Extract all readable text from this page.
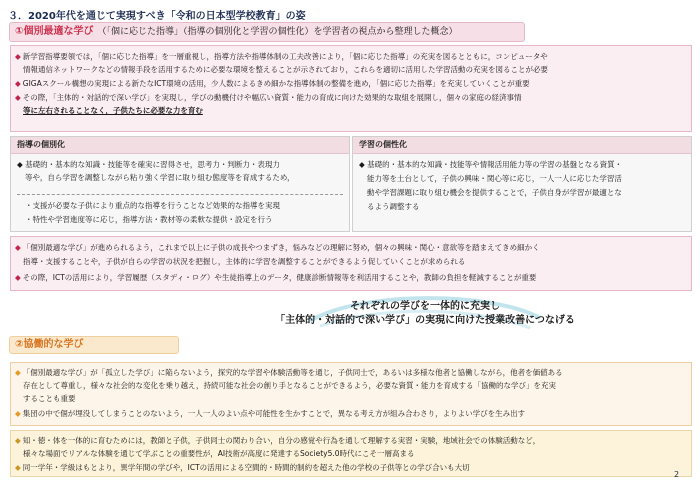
３．2020年代を通じて実現すべき「令和の日本型学校教育」の姿
①個別最適な学び （「個に応じた指導」（指導の個別化と学習の個性化）を学習者の視点から整理した概念）
◆ 新学習指導要領では，「個に応じた指導」を一層重視し，指導方法や指導体制の工夫改善により，「個に応じた指導」の充実を図るとともに，コンピュータや
情報通信ネットワークなどの情報手段を活用するために必要な環境を整えることが示されており，これらを適切に活用した学習活動の充実を図ることが必要
◆ GIGAスクール構想の実現による新たなICT環境の活用，少人数によるきめ細かな指導体制の整備を進め，「個に応じた指導」を充実していくことが重要
◆ その際，「主体的・対話的で深い学び」を実現し，学びの動機付けや幅広い資質・能力の育成に向けた効果的な取組を展開し，個々の家庭の経済事情
等に左右されることなく，子供たちに必要な力を育む
指導の個別化
◆ 基礎的・基本的な知識・技能等を確実に習得させ，思考力・判断力・表現力
等や，自ら学習を調整しながら粘り強く学習に取り組む態度等を育成するため，
・支援が必要な子供により重点的な指導を行うことなど効果的な指導を実現
・特性や学習進度等に応じ，指導方法・教材等の柔軟な提供・設定を行う
学習の個性化
◆ 基礎的・基本的な知識・技能等や情報活用能力等の学習の基盤となる資質・
能力等を土台として，子供の興味・関心等に応じ，一人一人に応じた学習活
動や学習課題に取り組む機会を提供することで，子供自身が学習が最適とな
るよう調整する
◆ 「個別最適な学び」が進められるよう，これまで以上に子供の成長やつまずき，悩みなどの理解に努め，個々の興味・関心・意欲等を踏まえてきめ細かく
指導・支援することや，子供が自らの学習の状況を把握し，主体的に学習を調整することができるよう促していくことが求められる
◆ その際，ICTの活用により，学習履歴（スタディ・ログ）や生徒指導上のデータ，健康診断情報等を利活用することや，教師の負担を軽減することが重要
それぞれの学びを一体的に充実し
「主体的・対話的で深い学び」の実現に向けた授業改善につなげる
②協働的な学び
◆ 「個別最適な学び」が「孤立した学び」に陥らないよう，探究的な学習や体験活動等を通じ，子供同士で，あるいは多様な他者と協働しながら，他者を価値ある
存在として尊重し，様々な社会的な変化を乗り越え，持続可能な社会の創り手となることができるよう，必要な資質・能力を育成する「協働的な学び」を充実
することも重要
◆ 集団の中で個が埋没してしまうことのないよう，一人一人のよい点や可能性を生かすことで，異なる考え方が組み合わさり，よりよい学びを生み出す
◆ 知・徳・体を一体的に育むためには，教師と子供，子供同士の関わり合い，自分の感覚や行為を通して理解する実習・実験，地域社会での体験活動など，
様々な場面でリアルな体験を通じて学ぶことの重要性が，AI技術が高度に発達するSociety5.0時代にこそ一層高まる
◆ 同一学年・学級はもとより，異学年間の学びや，ICTの活用による空間的・時間的制約を超えた他の学校の子供等との学び合いも大切
2
